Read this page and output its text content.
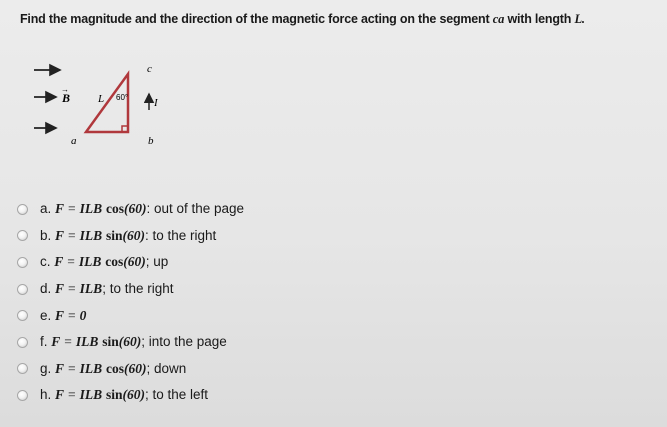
Find the magnitude and the direction of the magnetic force acting on the segment ca with length L.
B
→
a	b
c
L 60° I
a. F = ILB cos(60): out of the page
b. F = ILB sin(60): to the right
c. F = ILB cos(60); up
d. F = ILB; to the right
e. F = 0
f. F = ILB sin(60); into the page
g. F = ILB cos(60); down
h. F = ILB sin(60); to the left
